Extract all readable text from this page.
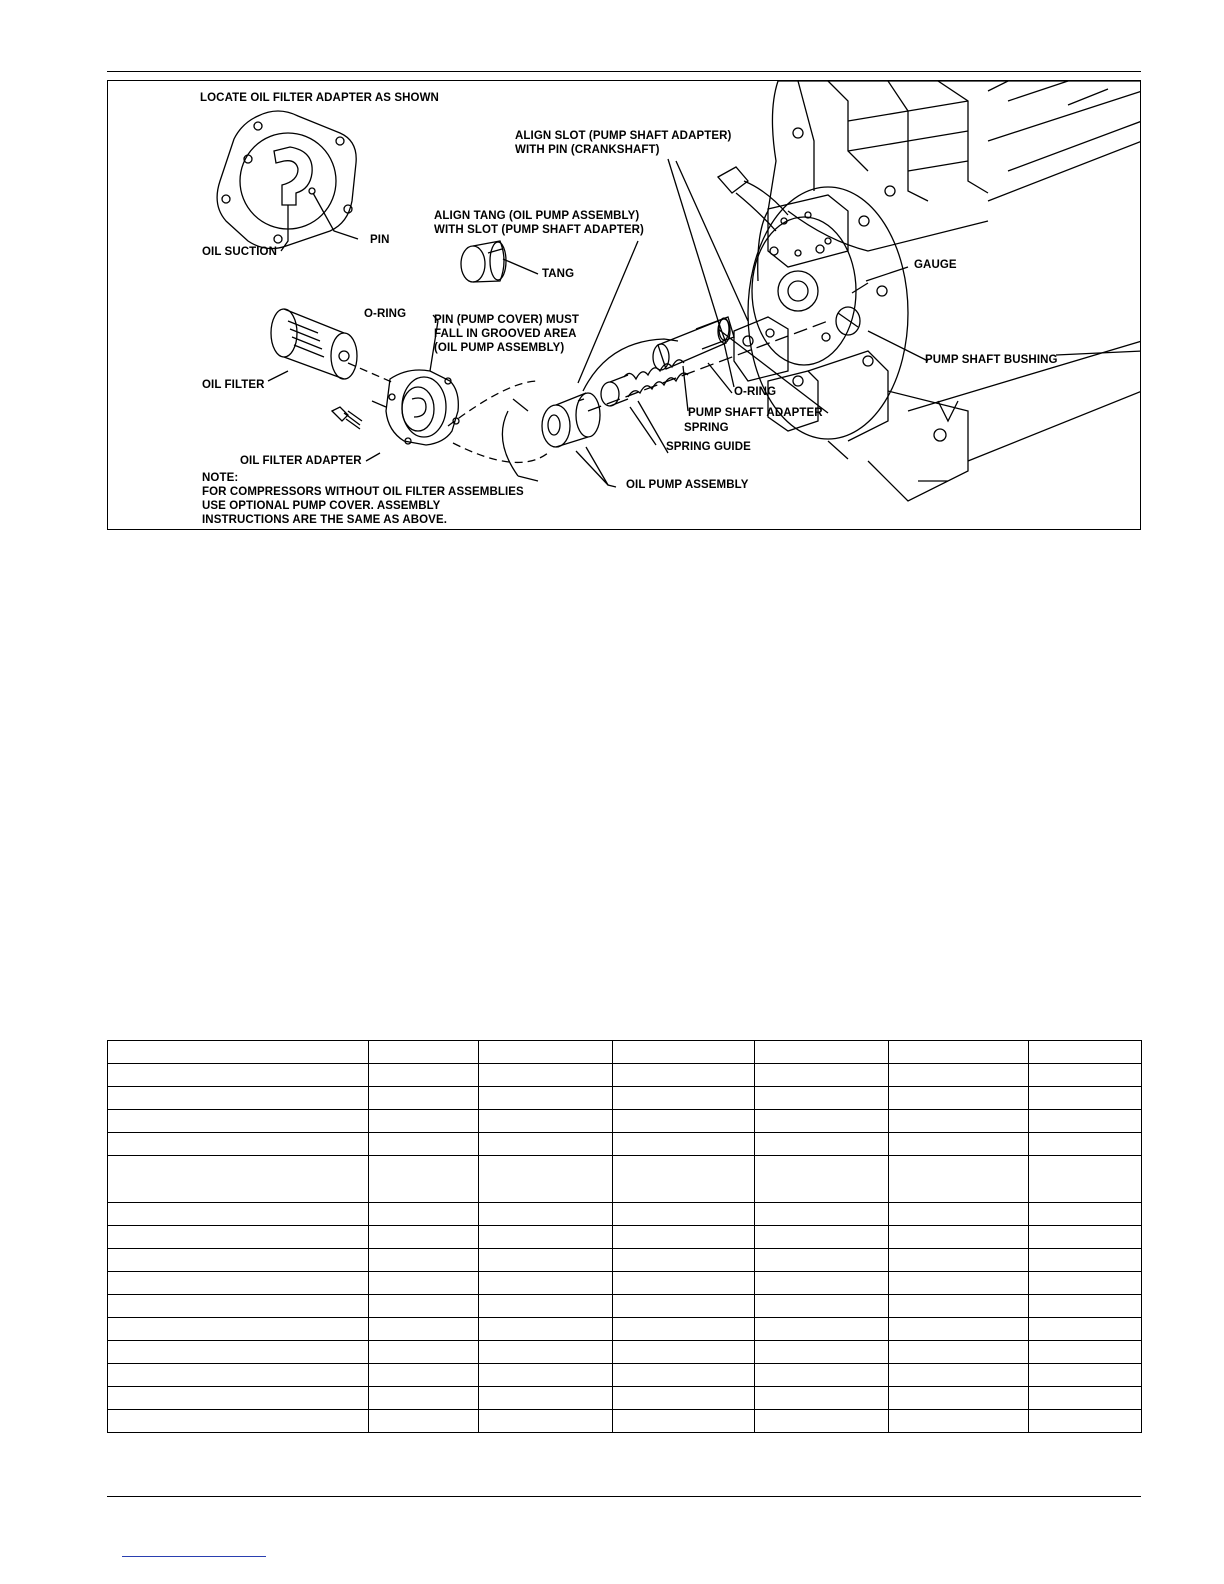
LOCATE OIL FILTER ADAPTER AS SHOWN
ALIGN SLOT (PUMP SHAFT ADAPTER)
WITH PIN (CRANKSHAFT)
ALIGN TANG (OIL PUMP ASSEMBLY)
WITH SLOT (PUMP SHAFT ADAPTER)
PIN
OIL SUCTION
TANG
GAUGE
O-RING PIN (PUMP COVER) MUST
FALL IN GROOVED AREA
(OIL PUMP ASSEMBLY)
PUMP SHAFT BUSHING
OIL FILTER
O-RING
PUMP SHAFT ADAPTER
SPRING
SPRING GUIDE
OIL FILTER ADAPTER
OIL PUMP ASSEMBLY
NOTE:
FOR COMPRESSORS WITHOUT OIL FILTER ASSEMBLIES
USE OPTIONAL PUMP COVER. ASSEMBLY
INSTRUCTIONS ARE THE SAME AS ABOVE.
